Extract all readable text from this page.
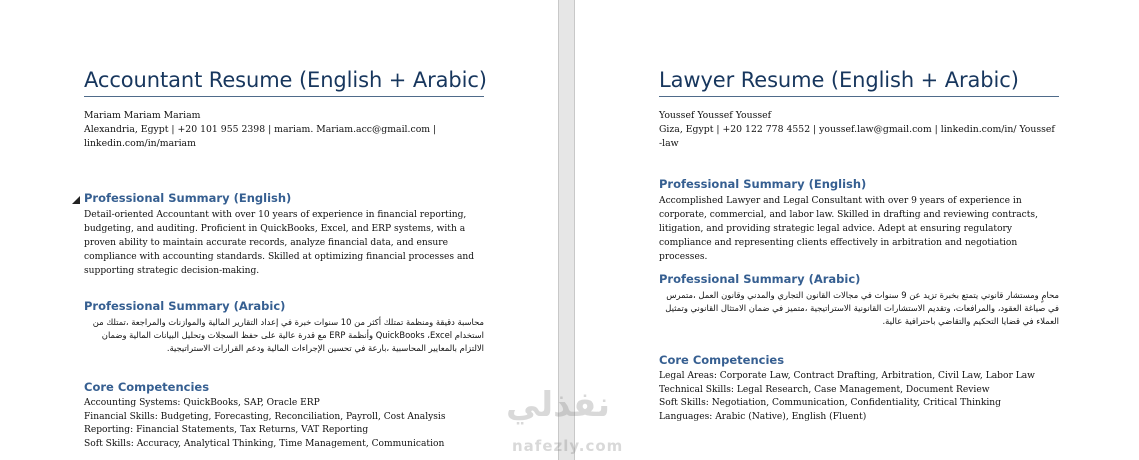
Accountant Resume (English + Arabic)
Mariam Mariam Mariam
Alexandria, Egypt | +20 101 955 2398 | mariam. Mariam.acc@gmail.com |
linkedin.com/in/mariam
Professional Summary (English)
Detail-oriented Accountant with over 10 years of experience in financial reporting, budgeting, and auditing. Proficient in QuickBooks, Excel, and ERP systems, with a proven ability to maintain accurate records, analyze financial data, and ensure compliance with accounting standards. Skilled at optimizing financial processes and supporting strategic decision-making.
Professional Summary (Arabic)
محاسبة دقيقة ومنظمة تمتلك أكثر من 10 سنوات خبرة في إعداد التقارير المالية والموازنات والمراجعة ،تمتلك من استخدام QuickBooks ،Excel وأنظمة ERP مع قدرة عالية على حفظ السجلات وتحليل البيانات المالية وضمان الالتزام بالمعايير المحاسبية ،بارعة في تحسين الإجراءات المالية ودعم القرارات الاستراتيجية.
Core Competencies
Accounting Systems: QuickBooks, SAP, Oracle ERP
Financial Skills: Budgeting, Forecasting, Reconciliation, Payroll, Cost Analysis
Reporting: Financial Statements, Tax Returns, VAT Reporting
Soft Skills: Accuracy, Analytical Thinking, Time Management, Communication
Lawyer Resume (English + Arabic)
Youssef Youssef Youssef
Giza, Egypt | +20 122 778 4552 | youssef.law@gmail.com | linkedin.com/in/ Youssef -law
Professional Summary (English)
Accomplished Lawyer and Legal Consultant with over 9 years of experience in corporate, commercial, and labor law. Skilled in drafting and reviewing contracts, litigation, and providing strategic legal advice. Adept at ensuring regulatory compliance and representing clients effectively in arbitration and negotiation processes.
Professional Summary (Arabic)
محامٍ ومستشار قانوني يتمتع بخبرة تزيد عن 9 سنوات في مجالات القانون التجاري والمدني وقانون العمل ،متمرس في صياغة العقود، والمرافعات، وتقديم الاستشارات القانونية الاستراتيجية ،متميز في ضمان الامتثال القانوني وتمثيل العملاء في قضايا التحكيم والتقاضي باحترافية عالية.
Core Competencies
Legal Areas: Corporate Law, Contract Drafting, Arbitration, Civil Law, Labor Law
Technical Skills: Legal Research, Case Management, Document Review
Soft Skills: Negotiation, Communication, Confidentiality, Critical Thinking
Languages: Arabic (Native), English (Fluent)
نفذلي
nafezly.com
